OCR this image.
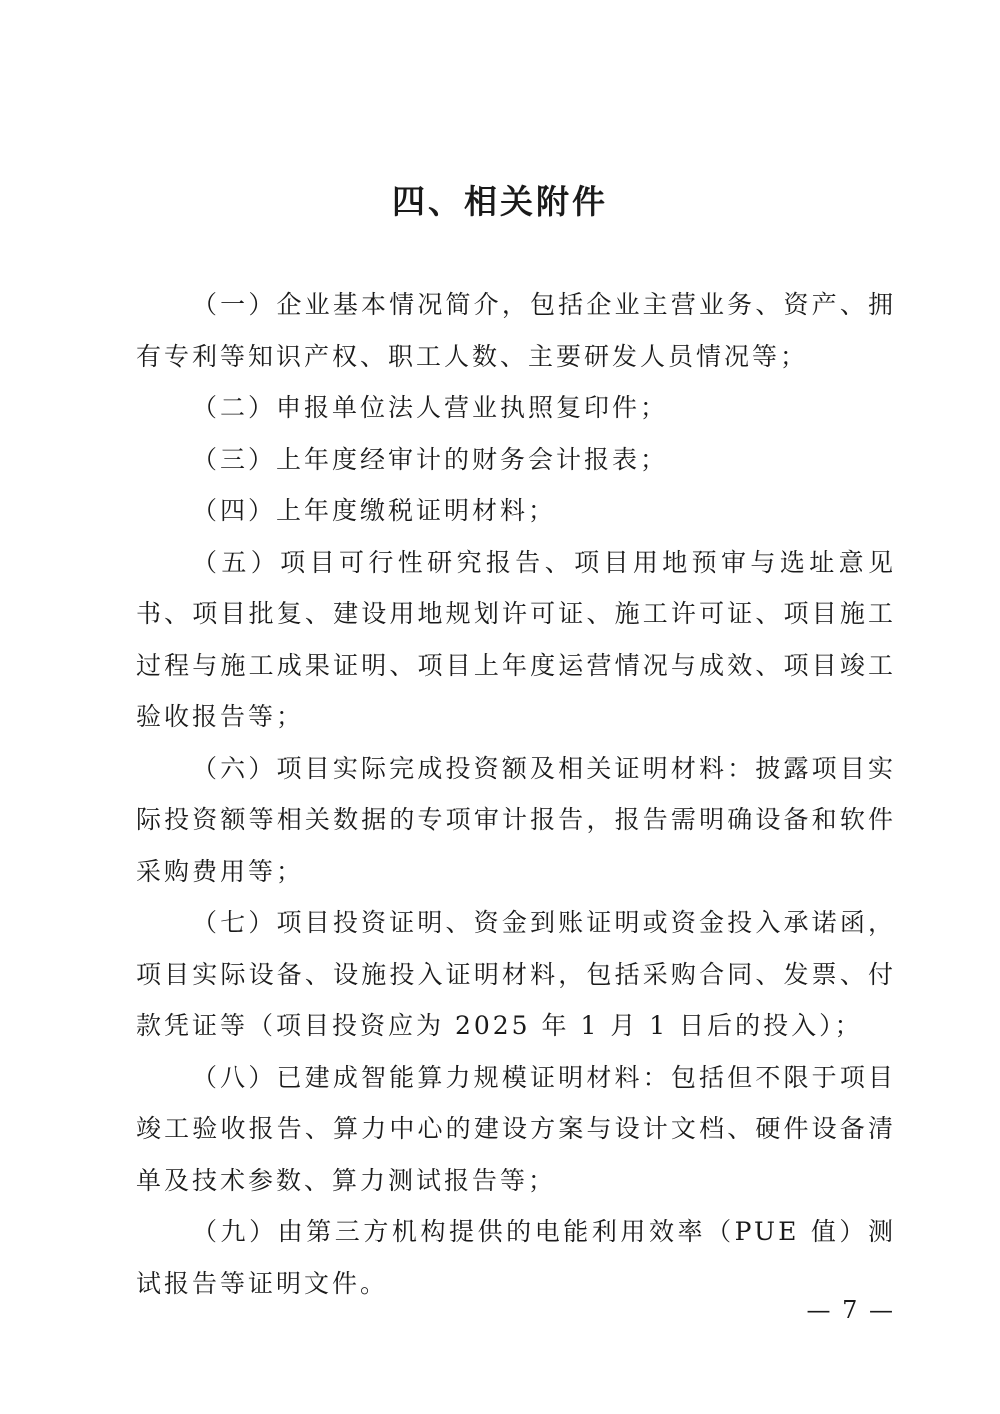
四、相关附件

（一）企业基本情况简介，包括企业主营业务、资产、拥有专利等知识产权、职工人数、主要研发人员情况等；

（二）申报单位法人营业执照复印件；

（三）上年度经审计的财务会计报表；

（四）上年度缴税证明材料；

（五）项目可行性研究报告、项目用地预审与选址意见书、项目批复、建设用地规划许可证、施工许可证、项目施工过程与施工成果证明、项目上年度运营情况与成效、项目竣工验收报告等；

（六）项目实际完成投资额及相关证明材料：披露项目实际投资额等相关数据的专项审计报告，报告需明确设备和软件采购费用等；

（七）项目投资证明、资金到账证明或资金投入承诺函，项目实际设备、设施投入证明材料，包括采购合同、发票、付款凭证等（项目投资应为 2025 年 1 月 1 日后的投入）；

（八）已建成智能算力规模证明材料：包括但不限于项目竣工验收报告、算力中心的建设方案与设计文档、硬件设备清单及技术参数、算力测试报告等；

（九）由第三方机构提供的电能利用效率（PUE 值）测试报告等证明文件。

— 7 —
